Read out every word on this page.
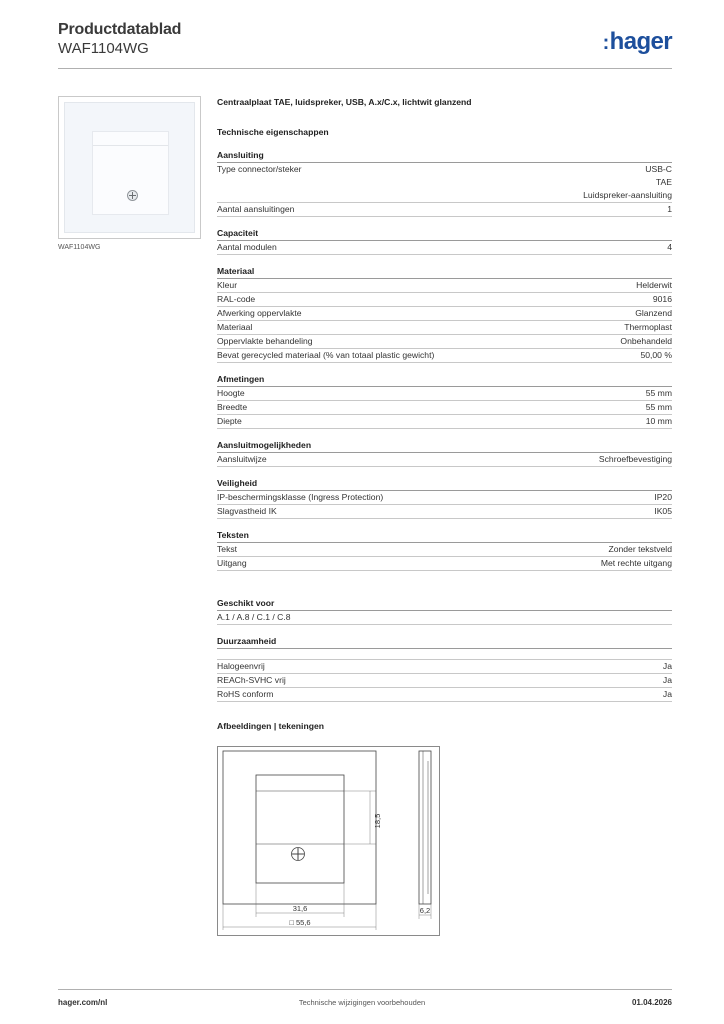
Productdatablad
WAF1104WG	:hager
WAF1104WG
Centraalplaat TAE, luidspreker, USB, A.x/C.x, lichtwit glanzend
Technische eigenschappen
Aansluiting
Type connector/steker	USB-C
TAE
Luidspreker-aansluiting
Aantal aansluitingen	1
Capaciteit
Aantal modulen	4
Materiaal
Kleur	Helderwit
RAL-code	9016
Afwerking oppervlakte	Glanzend
Materiaal	Thermoplast
Oppervlakte behandeling	Onbehandeld
Bevat gerecycled materiaal (% van totaal plastic gewicht)	50,00 %
Afmetingen
Hoogte	55 mm
Breedte	55 mm
Diepte	10 mm
Aansluitmogelijkheden
Aansluitwijze	Schroefbevestiging
Veiligheid
IP-beschermingsklasse (Ingress Protection)	IP20
Slagvastheid IK	IK05
Teksten
Tekst	Zonder tekstveld
Uitgang	Met rechte uitgang
Geschikt voor
A.1 / A.8 / C.1 / C.8
Duurzaamheid
Halogeenvrij	Ja
REACh-SVHC vrij	Ja
RoHS conform	Ja
Afbeeldingen | tekeningen
18,5
31,6
□ 55,6
6,2
hager.com/nl	Technische wijzigingen voorbehouden	01.04.2026
